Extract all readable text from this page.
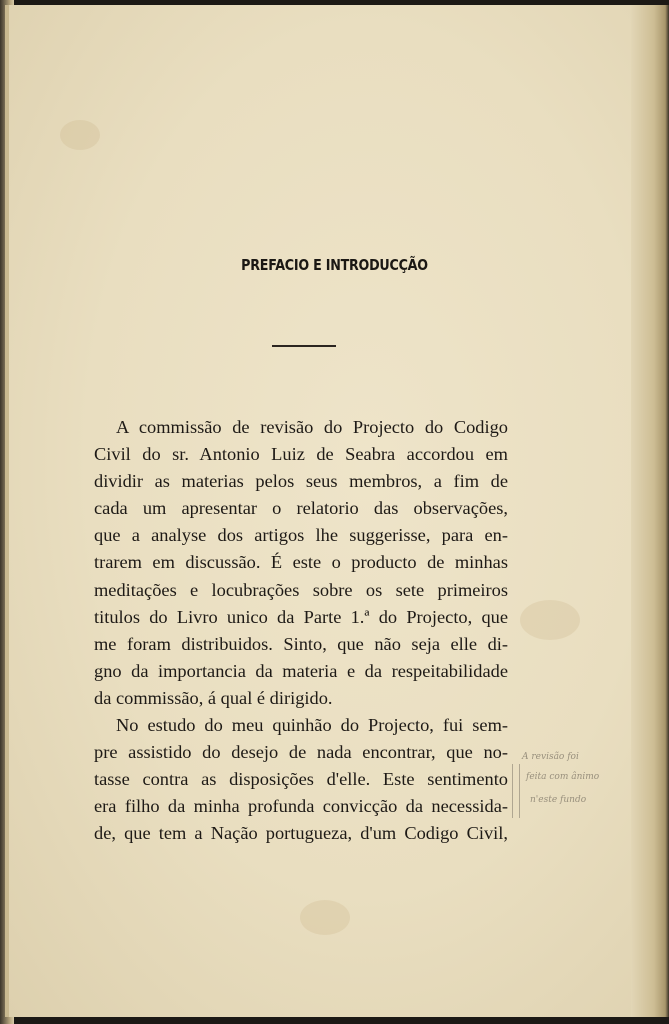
PREFACIO E INTRODUCÇÃO
A commissão de revisão do Projecto do Codigo
Civil do sr. Antonio Luiz de Seabra accordou em
dividir as materias pelos seus membros, a fim de
cada um apresentar o relatorio das observações,
que a analyse dos artigos lhe suggerisse, para en-
trarem em discussão. É este o producto de minhas
meditações e locubrações sobre os sete primeiros
titulos do Livro unico da Parte 1.ª do Projecto, que
me foram distribuidos. Sinto, que não seja elle di-
gno da importancia da materia e da respeitabilidade
da commissão, á qual é dirigido.
No estudo do meu quinhão do Projecto, fui sem-
pre assistido do desejo de nada encontrar, que no-
tasse contra as disposições d'elle. Este sentimento
era filho da minha profunda convicção da necessida-
de, que tem a Nação portugueza, d'um Codigo Civil,
A revisão foi
feita com ânimo
n'este fundo
